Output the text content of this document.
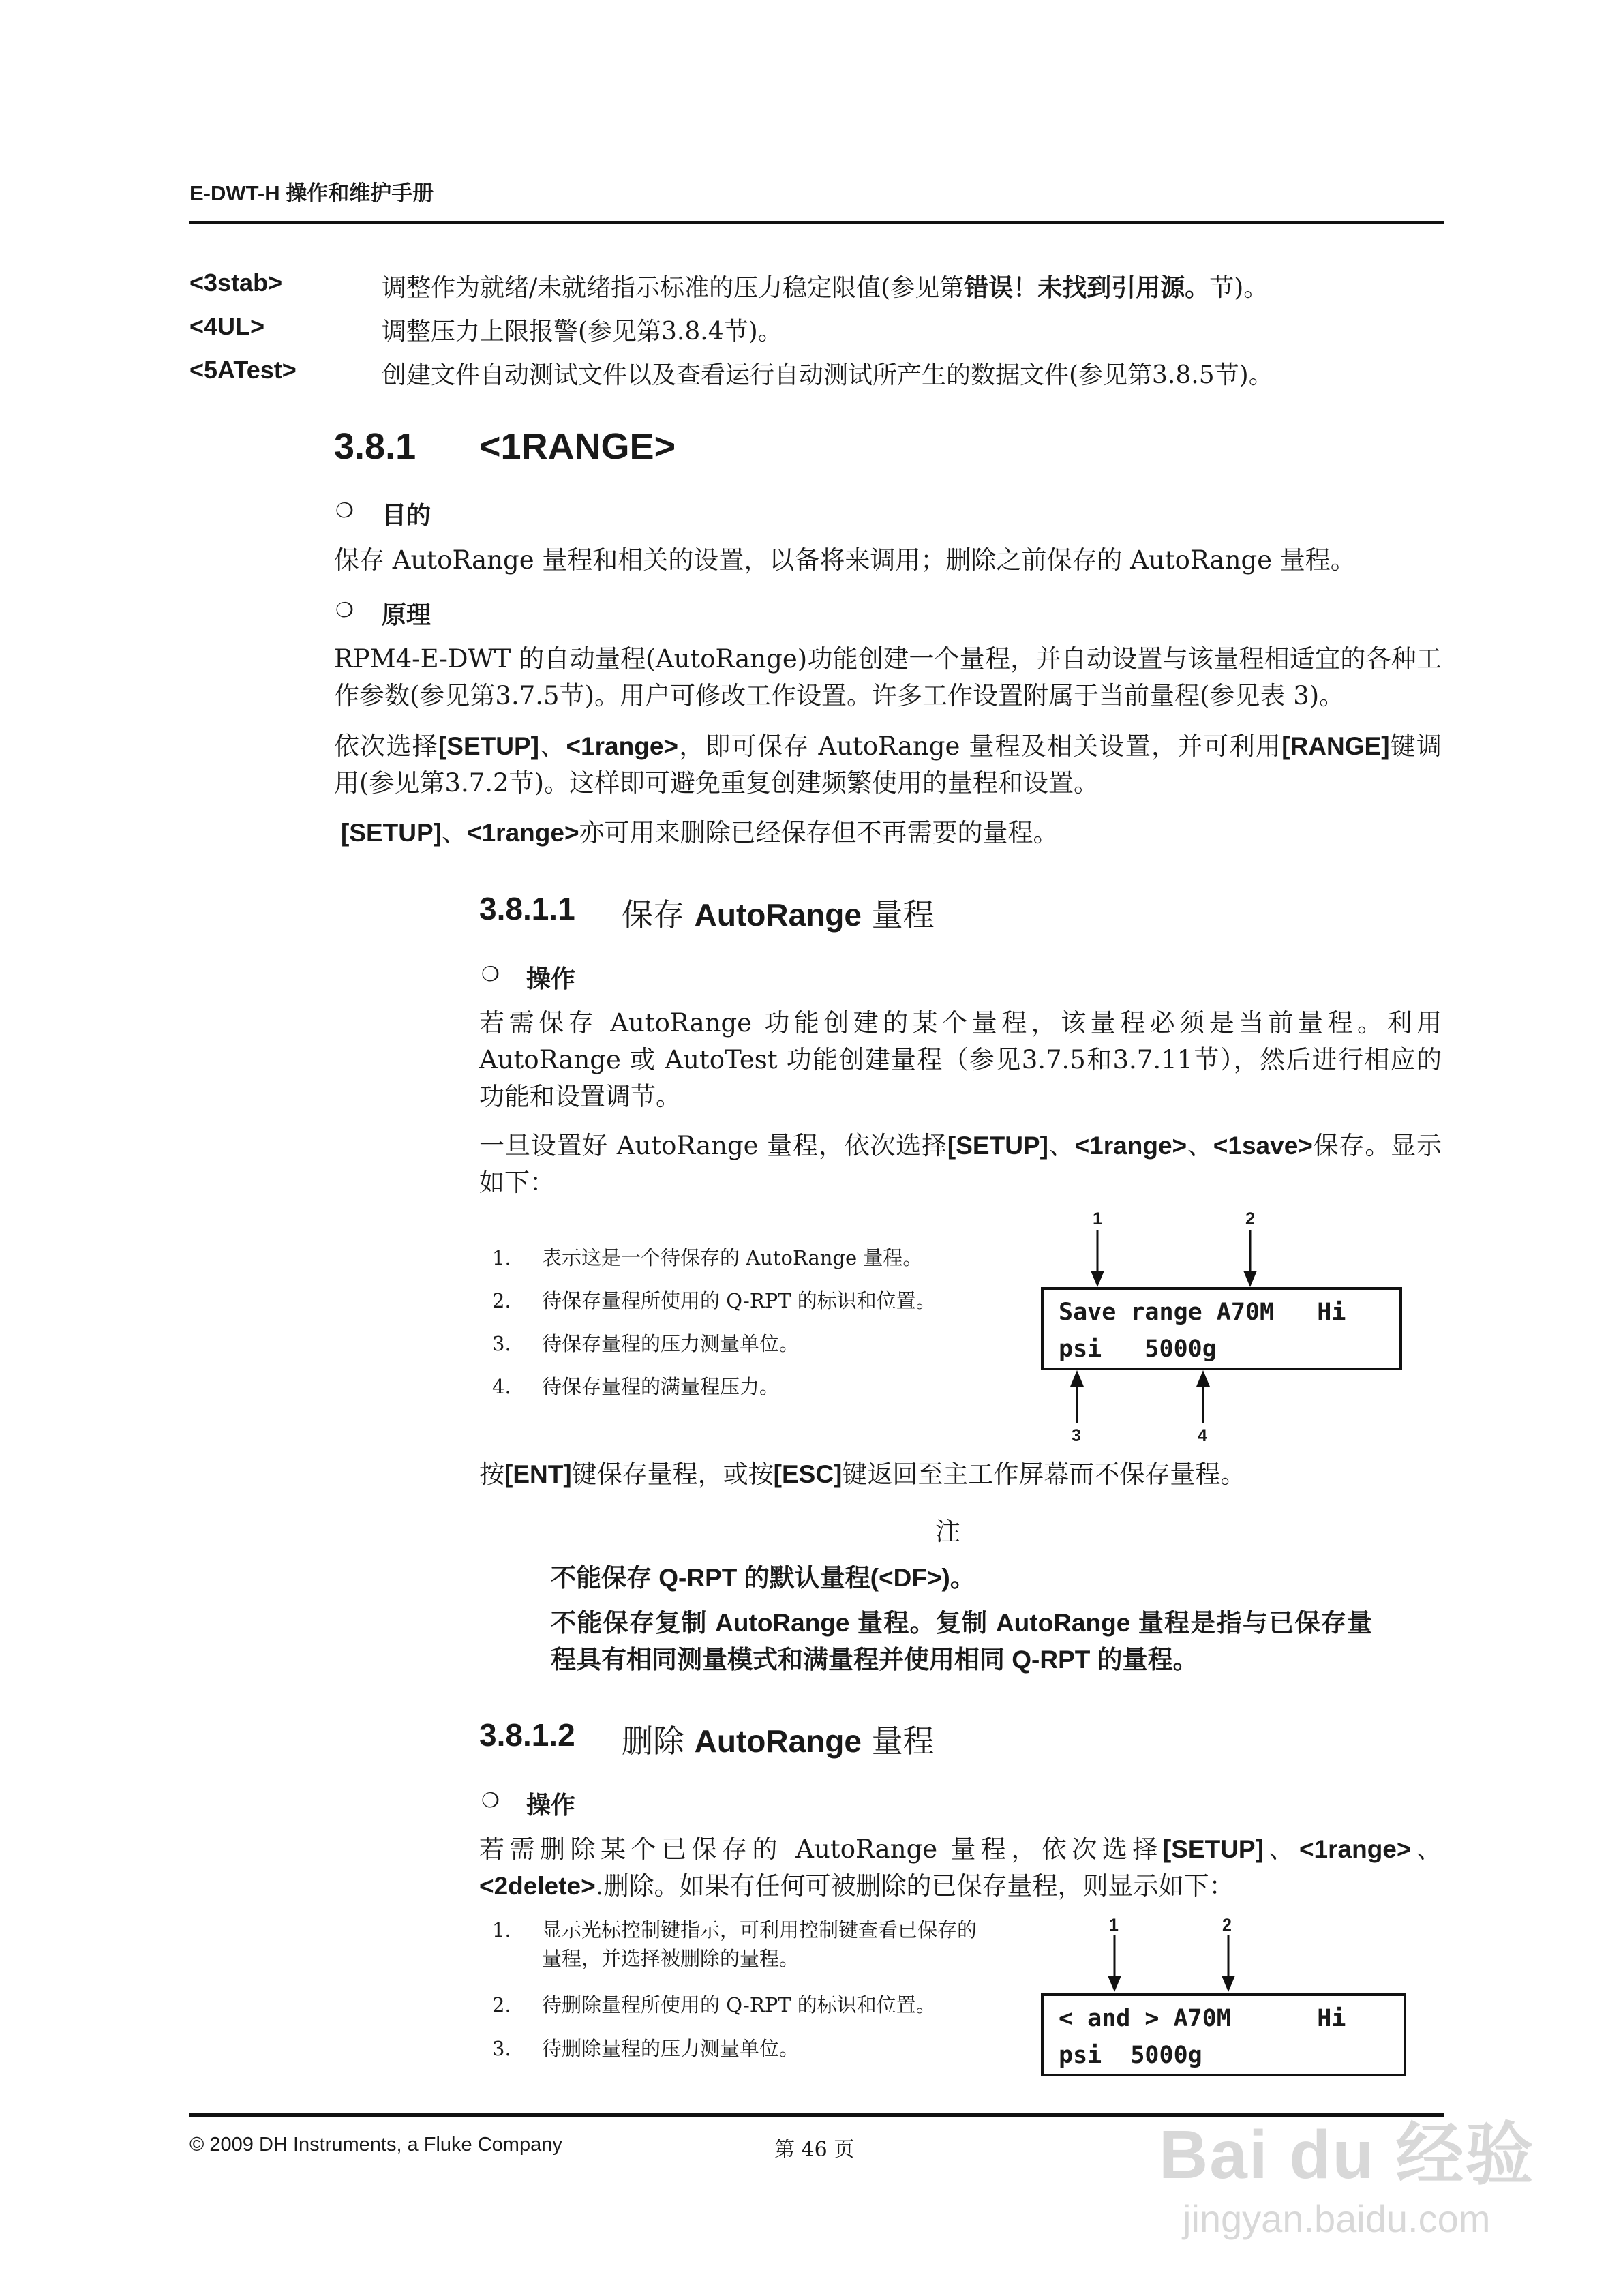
E-DWT-H 操作和维护手册
<3stab>	调整作为就绪/未就绪指示标准的压力稳定限值(参见第错误！未找到引用源。节)。
<4UL>	调整压力上限报警(参见第3.8.4节)。
<5ATest>	创建文件自动测试文件以及查看运行自动测试所产生的数据文件(参见第3.8.5节)。
3.8.1 <1RANGE>
❍ 目的
保存 AutoRange 量程和相关的设置，以备将来调用；删除之前保存的 AutoRange 量程。
❍ 原理
RPM4-E-DWT 的自动量程(AutoRange)功能创建一个量程，并自动设置与该量程相适宜的各种工作参数(参见第3.7.5节)。用户可修改工作设置。许多工作设置附属于当前量程(参见表 3)。
依次选择[SETUP]、<1range>，即可保存 AutoRange 量程及相关设置，并可利用[RANGE]键调用(参见第3.7.2节)。这样即可避免重复创建频繁使用的量程和设置。
[SETUP]、<1range>亦可用来删除已经保存但不再需要的量程。
3.8.1.1 保存 AutoRange 量程
❍ 操作
若需保存 AutoRange 功能创建的某个量程，该量程必须是当前量程。利用 AutoRange 或 AutoTest 功能创建量程（参见3.7.5和3.7.11节），然后进行相应的功能和设置调节。
一旦设置好 AutoRange 量程，依次选择[SETUP]、<1range>、<1save>保存。显示如下：
1. 表示这是一个待保存的 AutoRange 量程。
2. 待保存量程所使用的 Q-RPT 的标识和位置。
3. 待保存量程的压力测量单位。
4. 待保存量程的满量程压力。
1	2
Save range A70M   Hi
psi   5000g
3	4
按[ENT]键保存量程，或按[ESC]键返回至主工作屏幕而不保存量程。
注
不能保存 Q-RPT 的默认量程(<DF>)。
不能保存复制 AutoRange 量程。复制 AutoRange 量程是指与已保存量程具有相同测量模式和满量程并使用相同 Q-RPT 的量程。
3.8.1.2 删除 AutoRange 量程
❍ 操作
若需删除某个已保存的 AutoRange 量程，依次选择[SETUP]、<1range>、<2delete>.删除。如果有任何可被删除的已保存量程，则显示如下：
1. 显示光标控制键指示，可利用控制键查看已保存的量程，并选择被删除的量程。
2. 待删除量程所使用的 Q-RPT 的标识和位置。
3. 待删除量程的压力测量单位。
1	2
< and > A70M      Hi
psi  5000g
© 2009 DH Instruments, a Fluke Company	第 46 页	Bai du 经验
jingyan.baidu.com
